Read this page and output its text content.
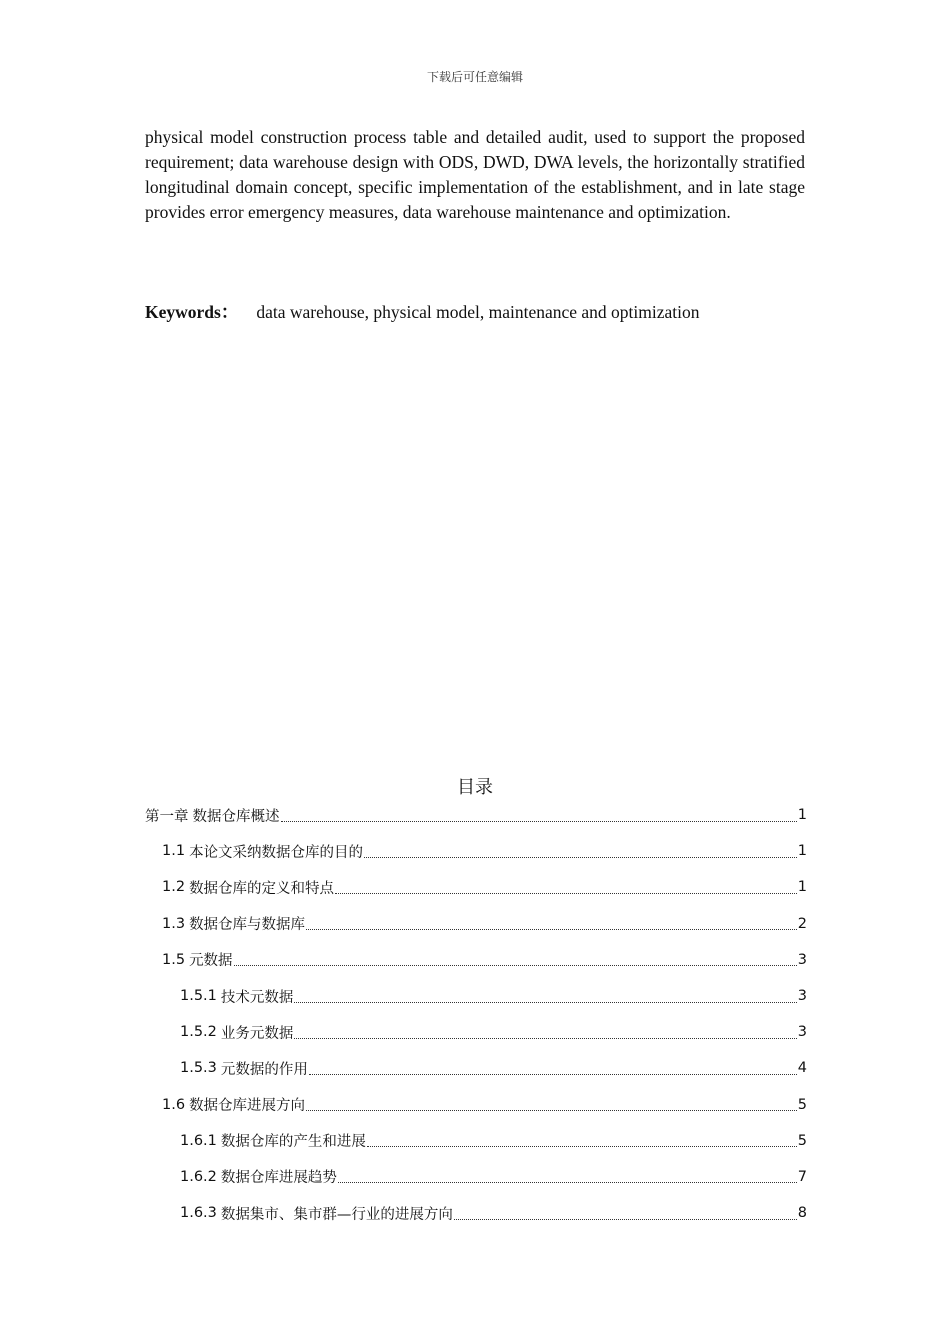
下载后可任意编辑

physical model construction process table and detailed audit, used to support the proposed requirement; data warehouse design with ODS, DWD, DWA levels, the horizontally stratified longitudinal domain concept, specific implementation of the establishment, and in late stage provides error emergency measures, data warehouse maintenance and optimization.

Keywords： data warehouse, physical model, maintenance and optimization
目录
第一章 数据仓库概述	1
1.1 本论文采纳数据仓库的目的	1
1.2 数据仓库的定义和特点	1
1.3 数据仓库与数据库	2
1.5 元数据	3
1.5.1 技术元数据	3
1.5.2 业务元数据	3
1.5.3 元数据的作用	4
1.6 数据仓库进展方向	5
1.6.1 数据仓库的产生和进展	5
1.6.2 数据仓库进展趋势	7
1.6.3 数据集市、集市群—行业的进展方向	8
